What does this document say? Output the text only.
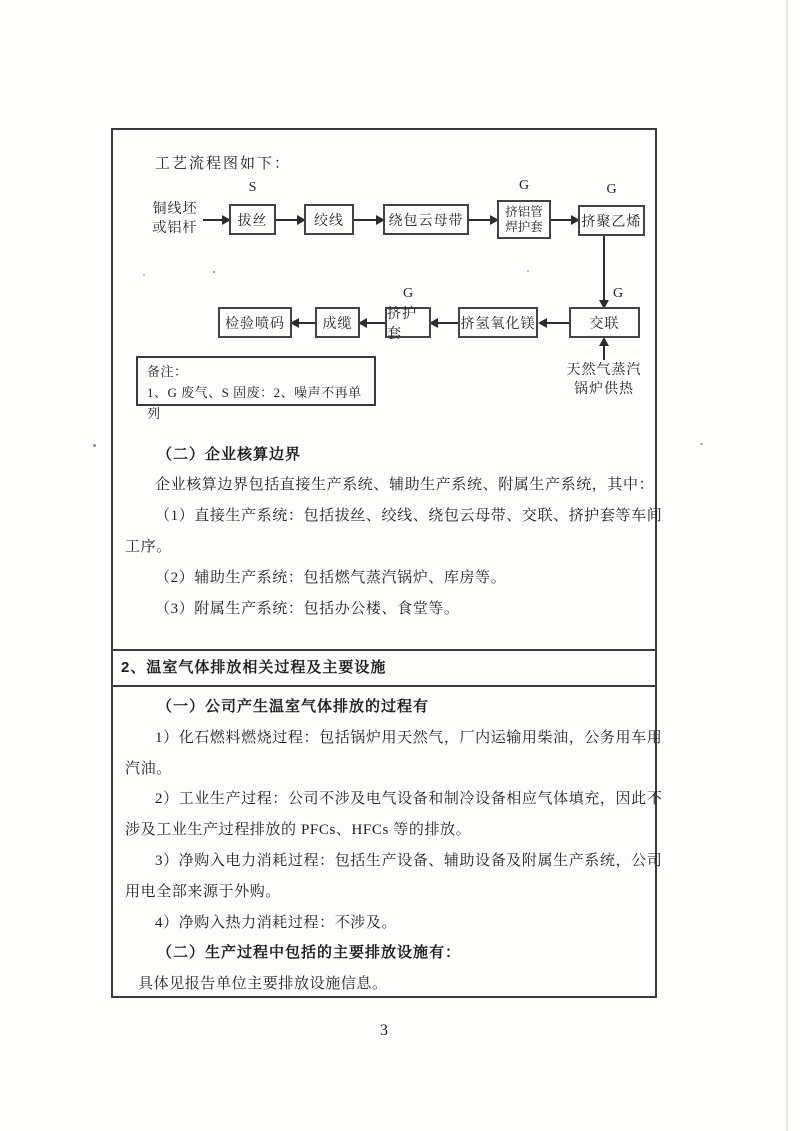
工艺流程图如下：
铜线坯
或铝杆
S
拔丝	绞线	绕包云母带
G
挤铝管
焊护套
G
挤聚乙烯
G
交联
挤氢氧化镁
G
挤护套
成缆
检验喷码
天然气蒸汽
锅炉供热
备注：
1、G 废气、S 固废：2、噪声不再单列
（二）企业核算边界
企业核算边界包括直接生产系统、辅助生产系统、附属生产系统，其中：
（1）直接生产系统：包括拔丝、绞线、绕包云母带、交联、挤护套等车间
工序。
（2）辅助生产系统：包括燃气蒸汽锅炉、库房等。
（3）附属生产系统：包括办公楼、食堂等。
2、温室气体排放相关过程及主要设施
（一）公司产生温室气体排放的过程有
1）化石燃料燃烧过程：包括锅炉用天然气，厂内运输用柴油，公务用车用
汽油。
2）工业生产过程：公司不涉及电气设备和制冷设备相应气体填充，因此不
涉及工业生产过程排放的 PFCs、HFCs 等的排放。
3）净购入电力消耗过程：包括生产设备、辅助设备及附属生产系统，公司
用电全部来源于外购。
4）净购入热力消耗过程：不涉及。
（二）生产过程中包括的主要排放设施有：
具体见报告单位主要排放设施信息。
3
